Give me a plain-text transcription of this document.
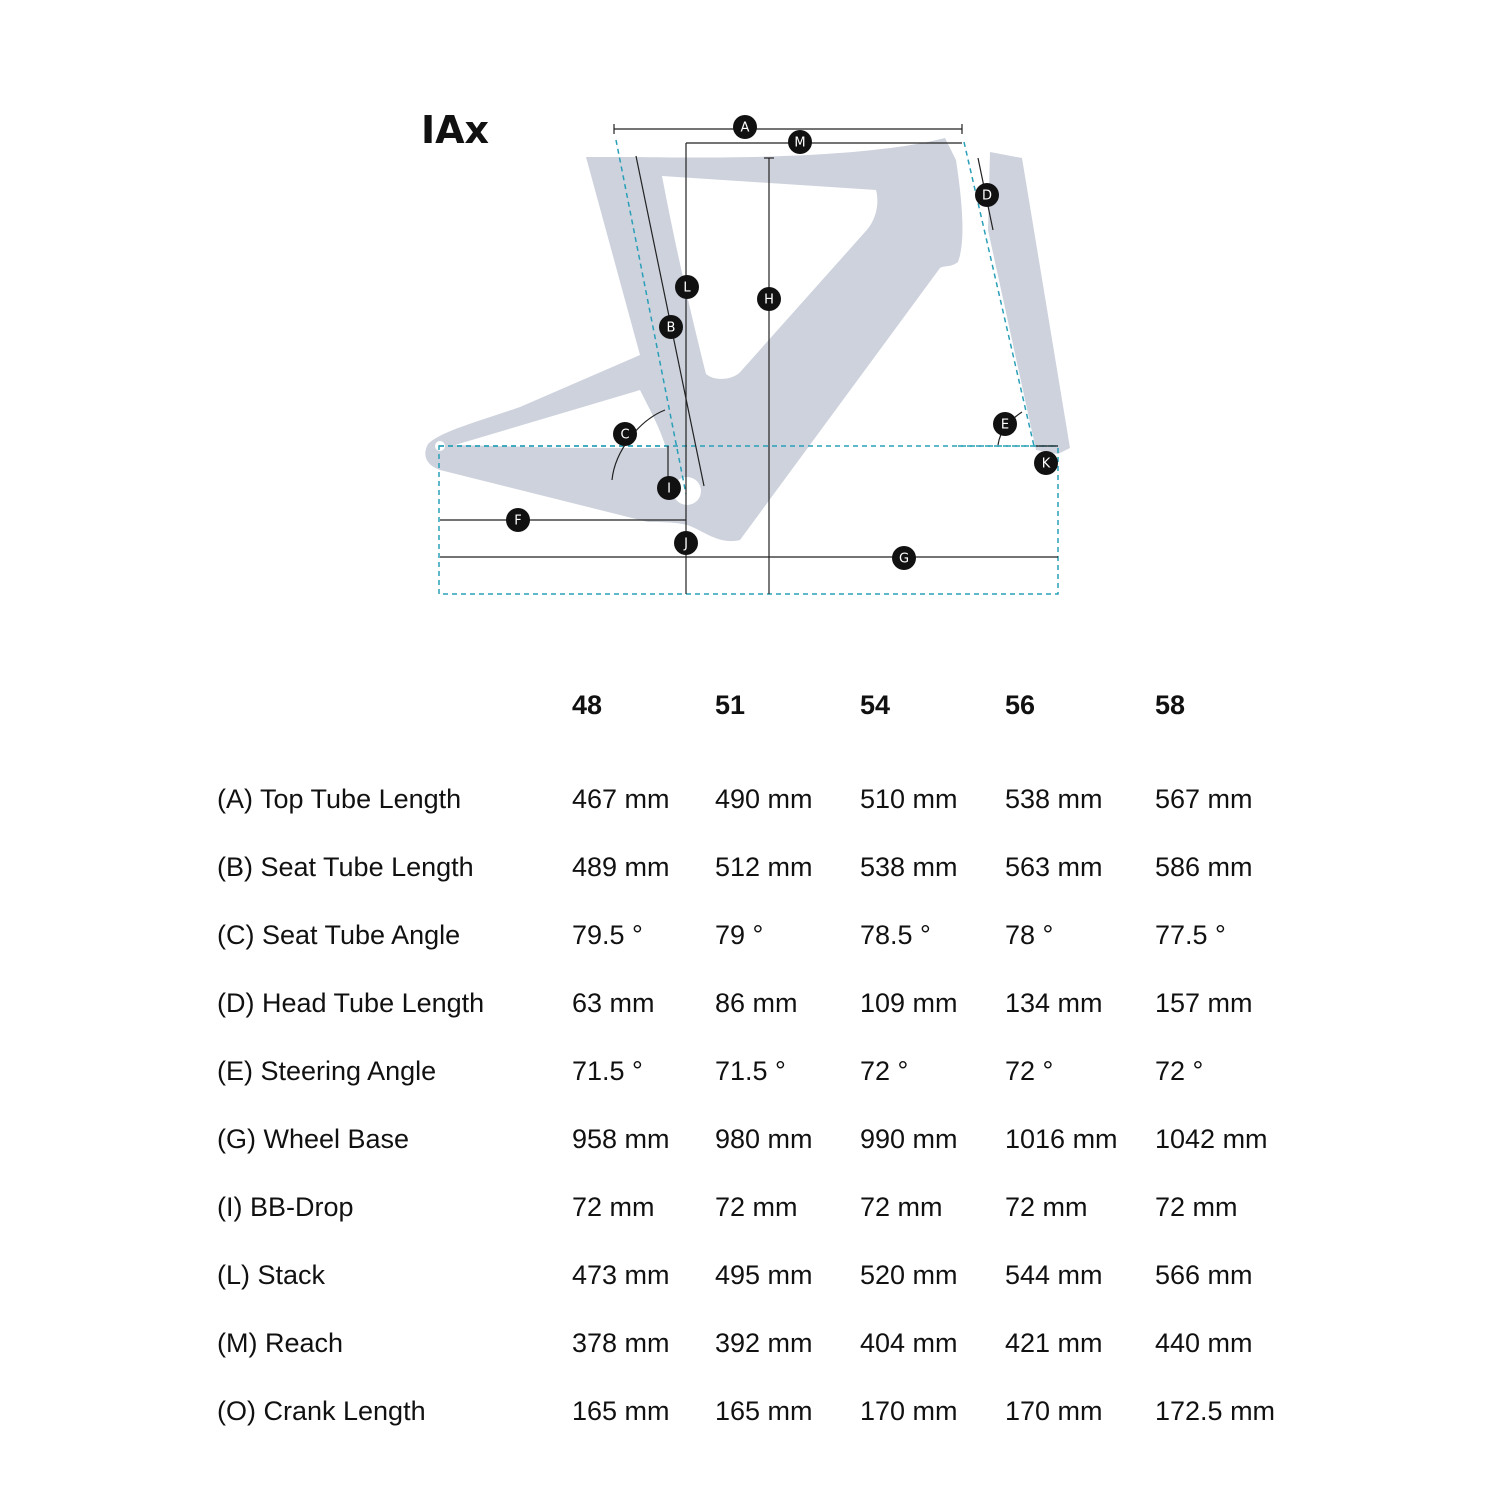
IAx	A
M
D
L
H
B
C
E
K
I
F
J
G
	48	51	54	56	58

(A) Top Tube Length	467 mm	490 mm	510 mm	538 mm	567 mm
(B) Seat Tube Length	489 mm	512 mm	538 mm	563 mm	586 mm
(C) Seat Tube Angle	79.5 °	79 °	78.5 °	78 °	77.5 °
(D) Head Tube Length	63 mm	86 mm	109 mm	134 mm	157 mm
(E) Steering Angle	71.5 °	71.5 °	72 °	72 °	72 °
(G) Wheel Base	958 mm	980 mm	990 mm	1016 mm	1042 mm
(I) BB-Drop	72 mm	72 mm	72 mm	72 mm	72 mm
(L) Stack	473 mm	495 mm	520 mm	544 mm	566 mm
(M) Reach	378 mm	392 mm	404 mm	421 mm	440 mm
(O) Crank Length	165 mm	165 mm	170 mm	170 mm	172.5 mm
